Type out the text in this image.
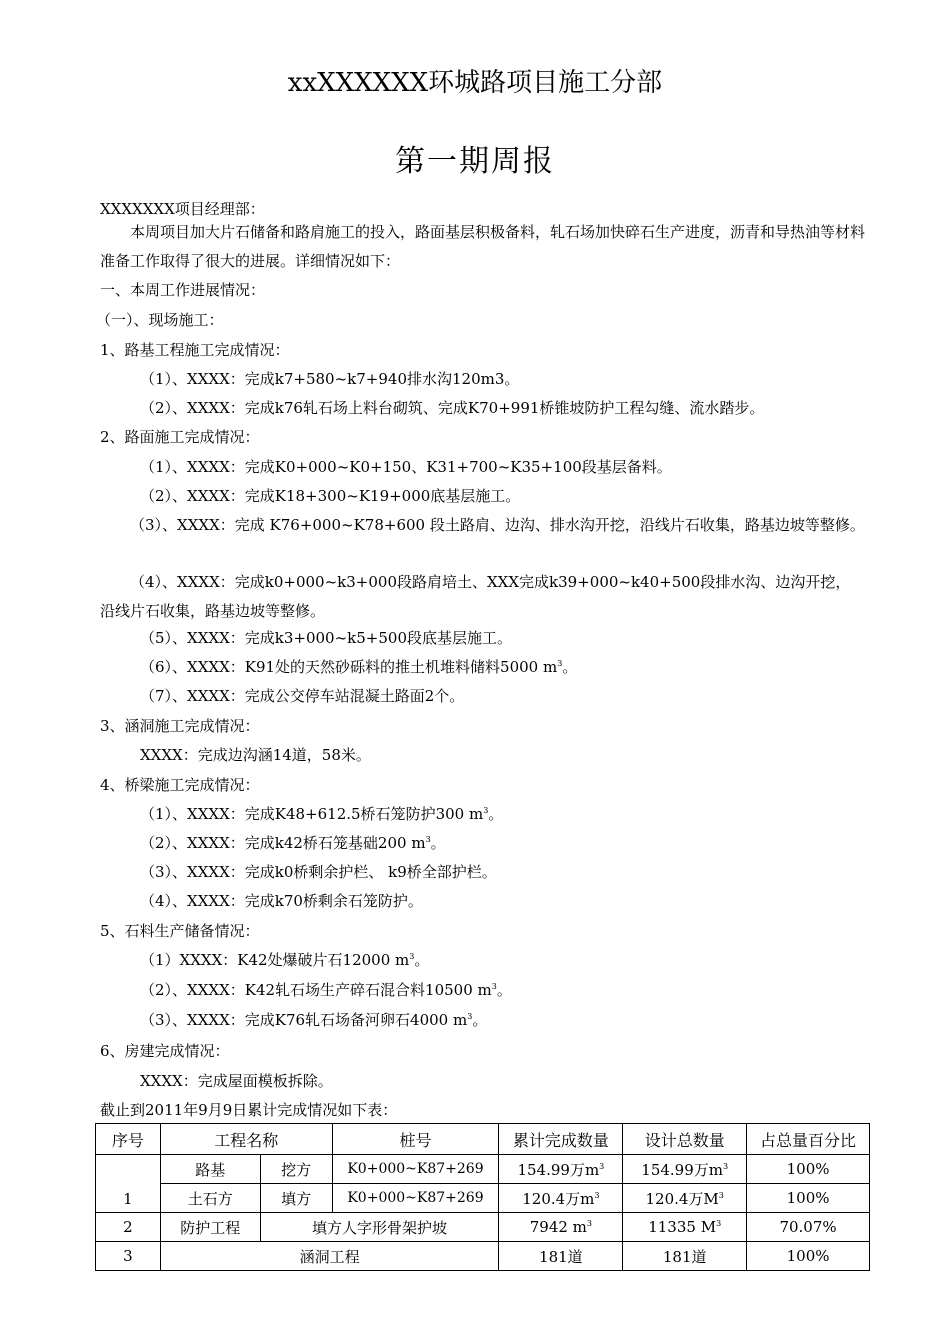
xxXXXXXX环城路项目施工分部
第一期周报
XXXXXXX项目经理部：
本周项目加大片石储备和路肩施工的投入，路面基层积极备料，轧石场加快碎石生产进度，沥青和导热油等材料准备工作取得了很大的进展。详细情况如下：
一、本周工作进展情况：
（一）、现场施工：
1、路基工程施工完成情况：
（1）、XXXX：完成k7+580~k7+940排水沟120m3。
（2）、XXXX：完成k76轧石场上料台砌筑、完成K70+991桥锥坡防护工程勾缝、流水踏步。
2、路面施工完成情况：
（1）、XXXX：完成K0+000~K0+150、K31+700~K35+100段基层备料。
（2）、XXXX：完成K18+300~K19+000底基层施工。
（3）、XXXX：完成 K76+000~K78+600 段土路肩、边沟、排水沟开挖，沿线片石收集，路基边坡等整修。
（4）、XXXX：完成k0+000~k3+000段路肩培土、XXX完成k39+000~k40+500段排水沟、边沟开挖，沿线片石收集，路基边坡等整修。
（5）、XXXX：完成k3+000~k5+500段底基层施工。
（6）、XXXX：K91处的天然砂砾料的推土机堆料储料5000 $m^3$。
（7）、XXXX：完成公交停车站混凝土路面2个。
3、涵洞施工完成情况：
XXXX：完成边沟涵14道，58米。
4、桥梁施工完成情况：
（1）、XXXX：完成K48+612.5桥石笼防护300 $m^3$。
（2）、XXXX：完成k42桥石笼基础200 $m^3$。
（3）、XXXX：完成k0桥剩余护栏、 k9桥全部护栏。
（4）、XXXX：完成k70桥剩余石笼防护。
5、石料生产储备情况：
（1）XXXX：K42处爆破片石12000 $m^3$。
（2）、XXXX：K42轧石场生产碎石混合料10500 $m^3$。
（3）、XXXX：完成K76轧石场备河卵石4000 $m^3$。
6、房建完成情况：
XXXX：完成屋面模板拆除。
截止到2011年9月9日累计完成情况如下表：
序号	工程名称		桩号	累计完成数量	设计总数量	占总量百分比
1	路基	挖方	K0+000~K87+269	154.99万$m^3$	154.99万$m^3$	100%
	土石方	填方	K0+000~K87+269	120.4万$m^3$	120.4万$M^3$	100%
2	防护工程	填方人字形骨架护坡		7942 $m^3$	11335 $M^3$	70.07%
3	涵洞工程			181道	181道	100%
